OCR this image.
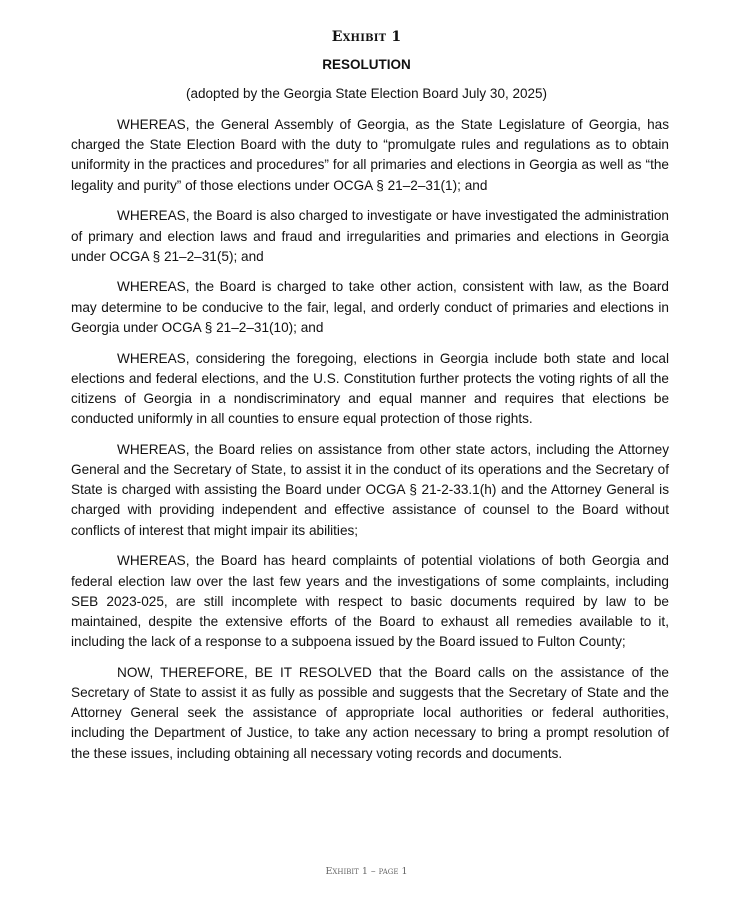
Exhibit 1
RESOLUTION
(adopted by the Georgia State Election Board July 30, 2025)

WHEREAS, the General Assembly of Georgia, as the State Legislature of Georgia, has charged the State Election Board with the duty to “promulgate rules and regulations as to obtain uniformity in the practices and procedures” for all primaries and elections in Georgia as well as “the legality and purity” of those elections under OCGA § 21–2–31(1); and

WHEREAS, the Board is also charged to investigate or have investigated the administration of primary and election laws and fraud and irregularities and primaries and elections in Georgia under OCGA § 21–2–31(5); and

WHEREAS, the Board is charged to take other action, consistent with law, as the Board may determine to be conducive to the fair, legal, and orderly conduct of primaries and elections in Georgia under OCGA § 21–2–31(10); and

WHEREAS, considering the foregoing, elections in Georgia include both state and local elections and federal elections, and the U.S. Constitution further protects the voting rights of all the citizens of Georgia in a nondiscriminatory and equal manner and requires that elections be conducted uniformly in all counties to ensure equal protection of those rights.

WHEREAS, the Board relies on assistance from other state actors, including the Attorney General and the Secretary of State, to assist it in the conduct of its operations and the Secretary of State is charged with assisting the Board under OCGA § 21-2-33.1(h) and the Attorney General is charged with providing independent and effective assistance of counsel to the Board without conflicts of interest that might impair its abilities;

WHEREAS, the Board has heard complaints of potential violations of both Georgia and federal election law over the last few years and the investigations of some complaints, including SEB 2023-025, are still incomplete with respect to basic documents required by law to be maintained, despite the extensive efforts of the Board to exhaust all remedies available to it, including the lack of a response to a subpoena issued by the Board issued to Fulton County;

NOW, THEREFORE, BE IT RESOLVED that the Board calls on the assistance of the Secretary of State to assist it as fully as possible and suggests that the Secretary of State and the Attorney General seek the assistance of appropriate local authorities or federal authorities, including the Department of Justice, to take any action necessary to bring a prompt resolution of the these issues, including obtaining all necessary voting records and documents.

Exhibit 1 – page 1
